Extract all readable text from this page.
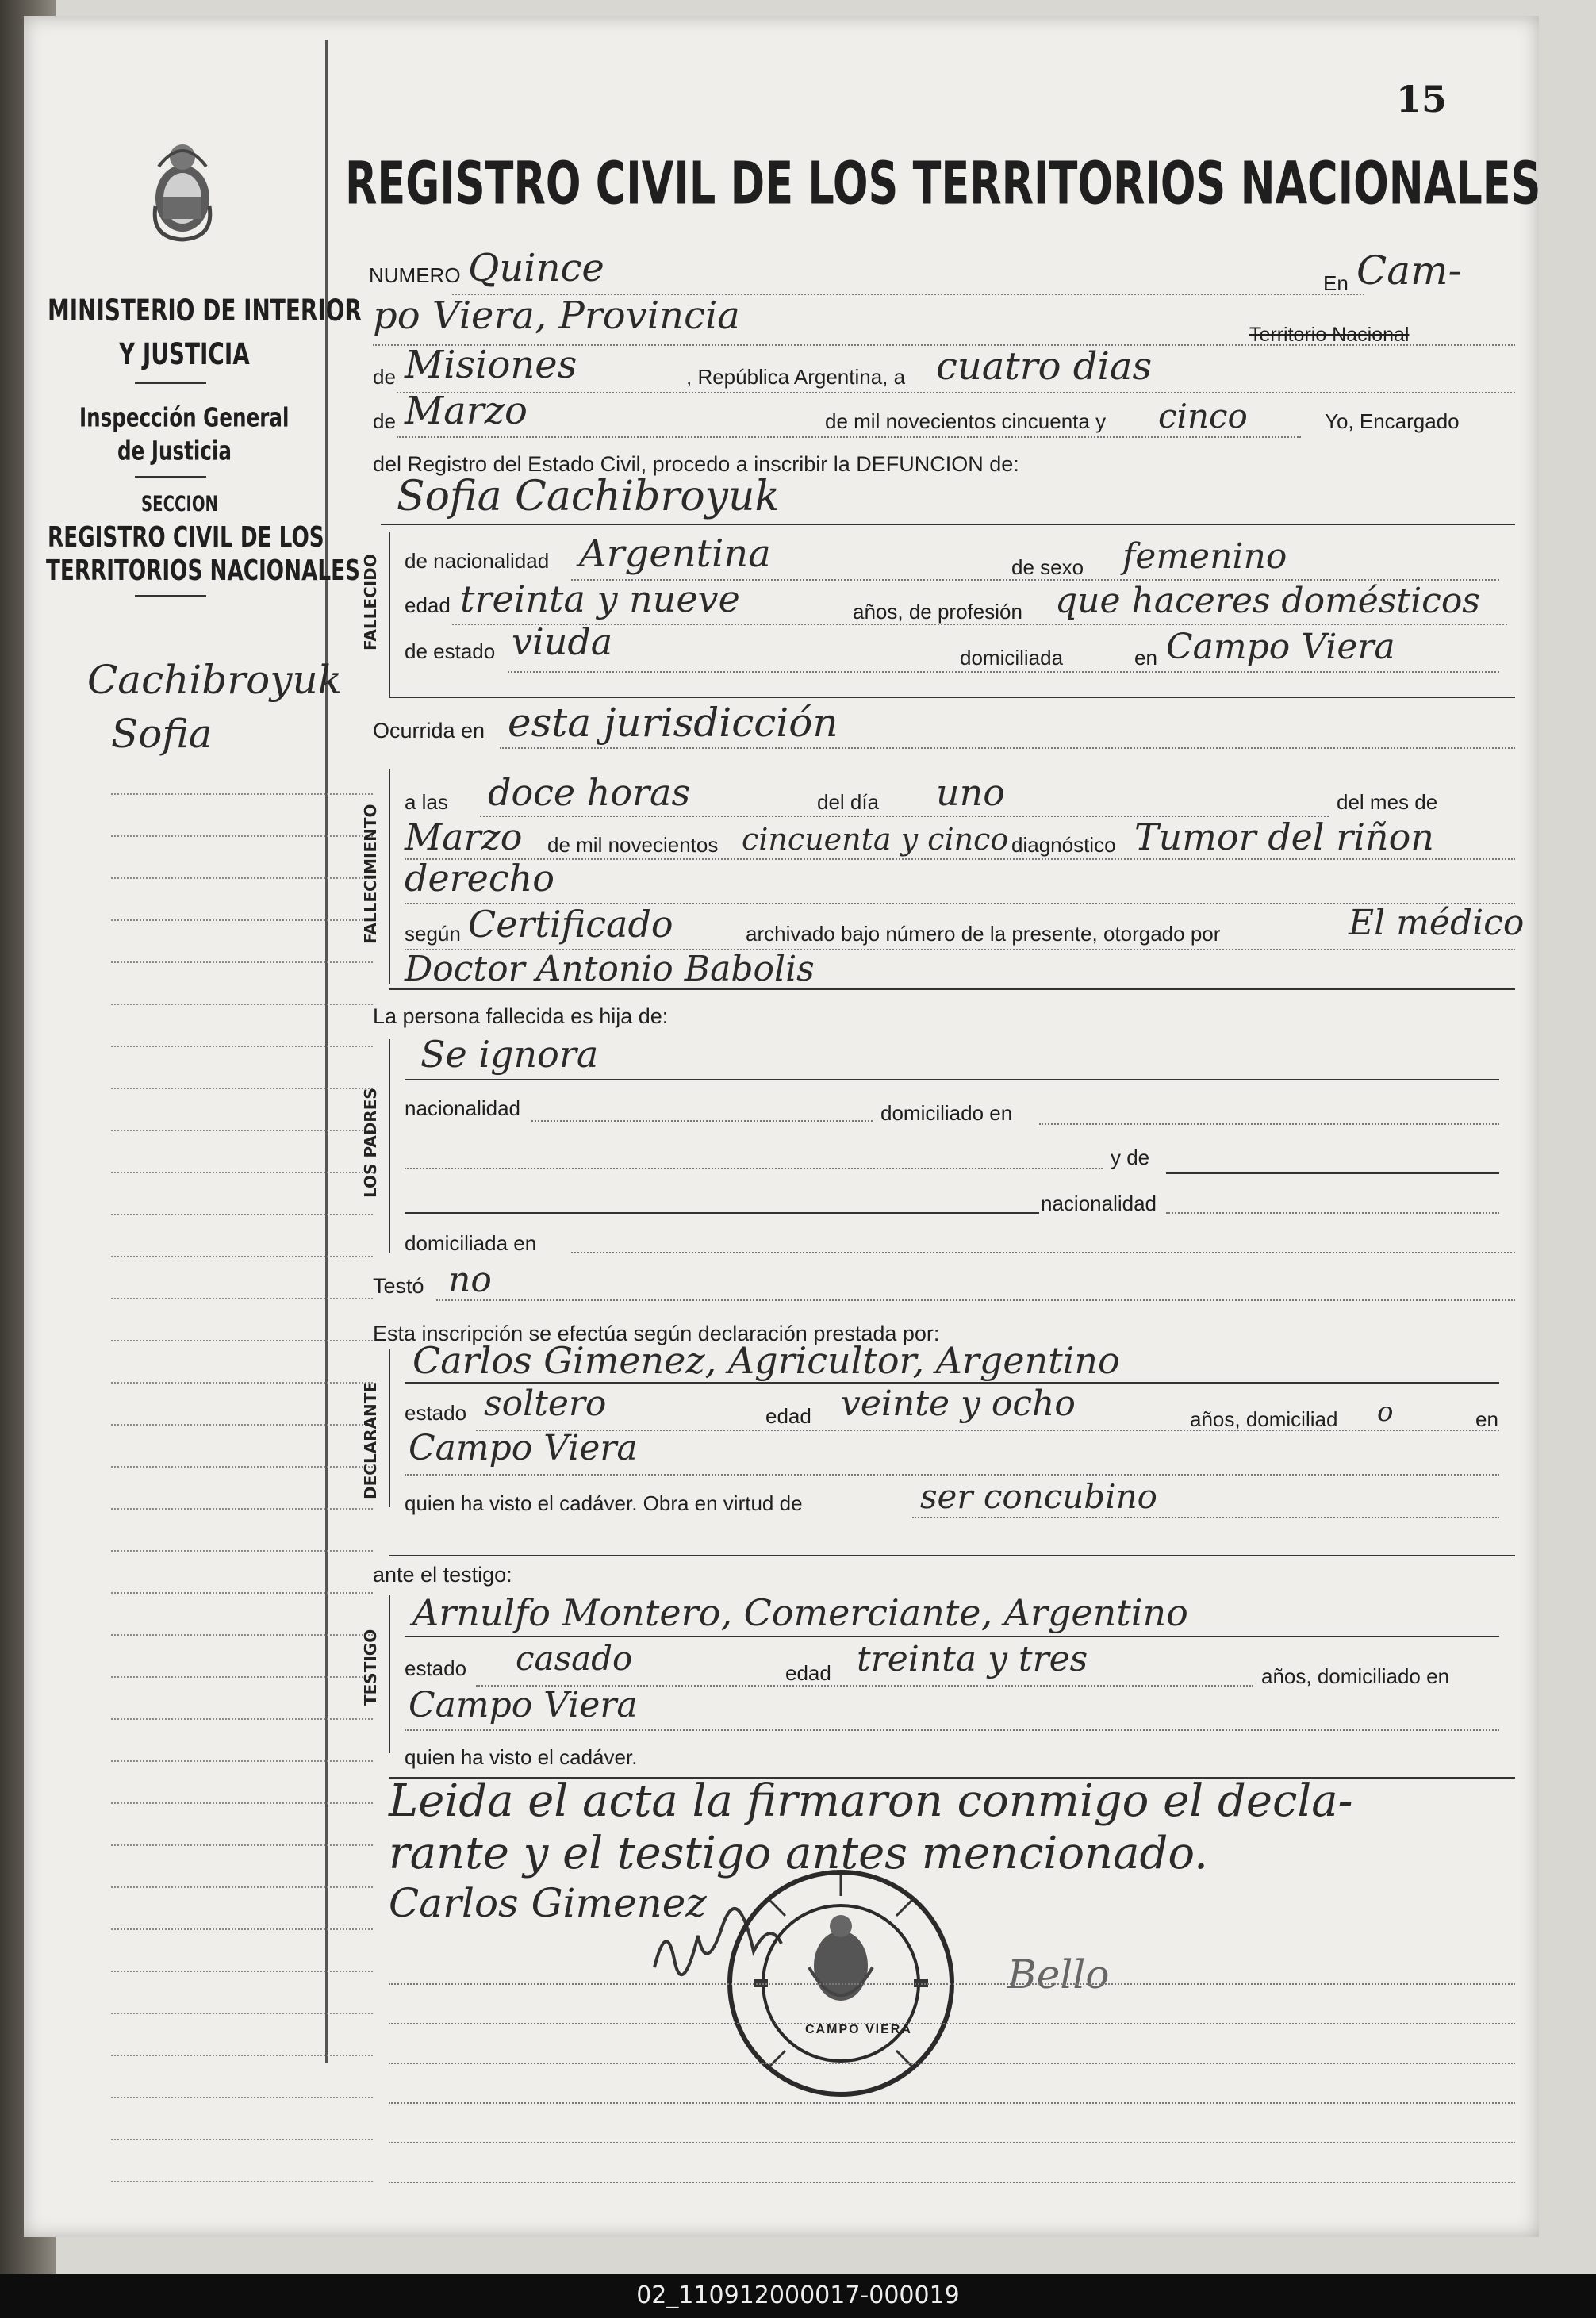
15
REGISTRO CIVIL DE LOS TERRITORIOS NACIONALES
MINISTERIO DE INTERIOR
Y JUSTICIA
Inspección General
de Justicia
SECCION
REGISTRO CIVIL DE LOS
TERRITORIOS NACIONALES
Cachibroyuk
Sofia
NUMERO Quince	En Cam-
po Viera, Provincia	Territorio Nacional
de Misiones	, República Argentina, a cuatro dias
de Marzo	de mil novecientos cincuenta y cinco	Yo, Encargado
del Registro del Estado Civil, procedo a inscribir la DEFUNCION de:
Sofia Cachibroyuk
FALLECIDO de nacionalidad Argentina	de sexo femenino
edad treinta y nueve	años, de profesión que haceres domésticos
de estado viuda	domiciliada	en Campo Viera
Ocurrida en esta jurisdicción
FALLECIMIENTO
a las doce horas	del día uno	del mes de
Marzo de mil novecientos cincuenta y cinco diagnóstico Tumor del riñon
derecho
según Certificado	archivado bajo número de la presente, otorgado por	El médico
Doctor Antonio Babolis
La persona fallecida es hija de:
LOS PADRES
Se ignora
nacionalidad	domiciliado en
y de
nacionalidad
domiciliada en
Testó no
Esta inscripción se efectúa según declaración prestada por:
DECLARANTE
Carlos Gimenez, Agricultor, Argentino
estado soltero	edad veinte y ocho	años, domiciliad o	en
Campo Viera
quien ha visto el cadáver. Obra en virtud de	ser concubino
ante el testigo:
TESTIGO
Arnulfo Montero, Comerciante, Argentino
estado casado	edad treinta y tres	años, domiciliado en
Campo Viera
quien ha visto el cadáver.
Leida el acta la firmaron conmigo el decla-
rante y el testigo antes mencionado.
Carlos Gimenez
Bello
CAMPO VIERA
02_110912000017-000019
